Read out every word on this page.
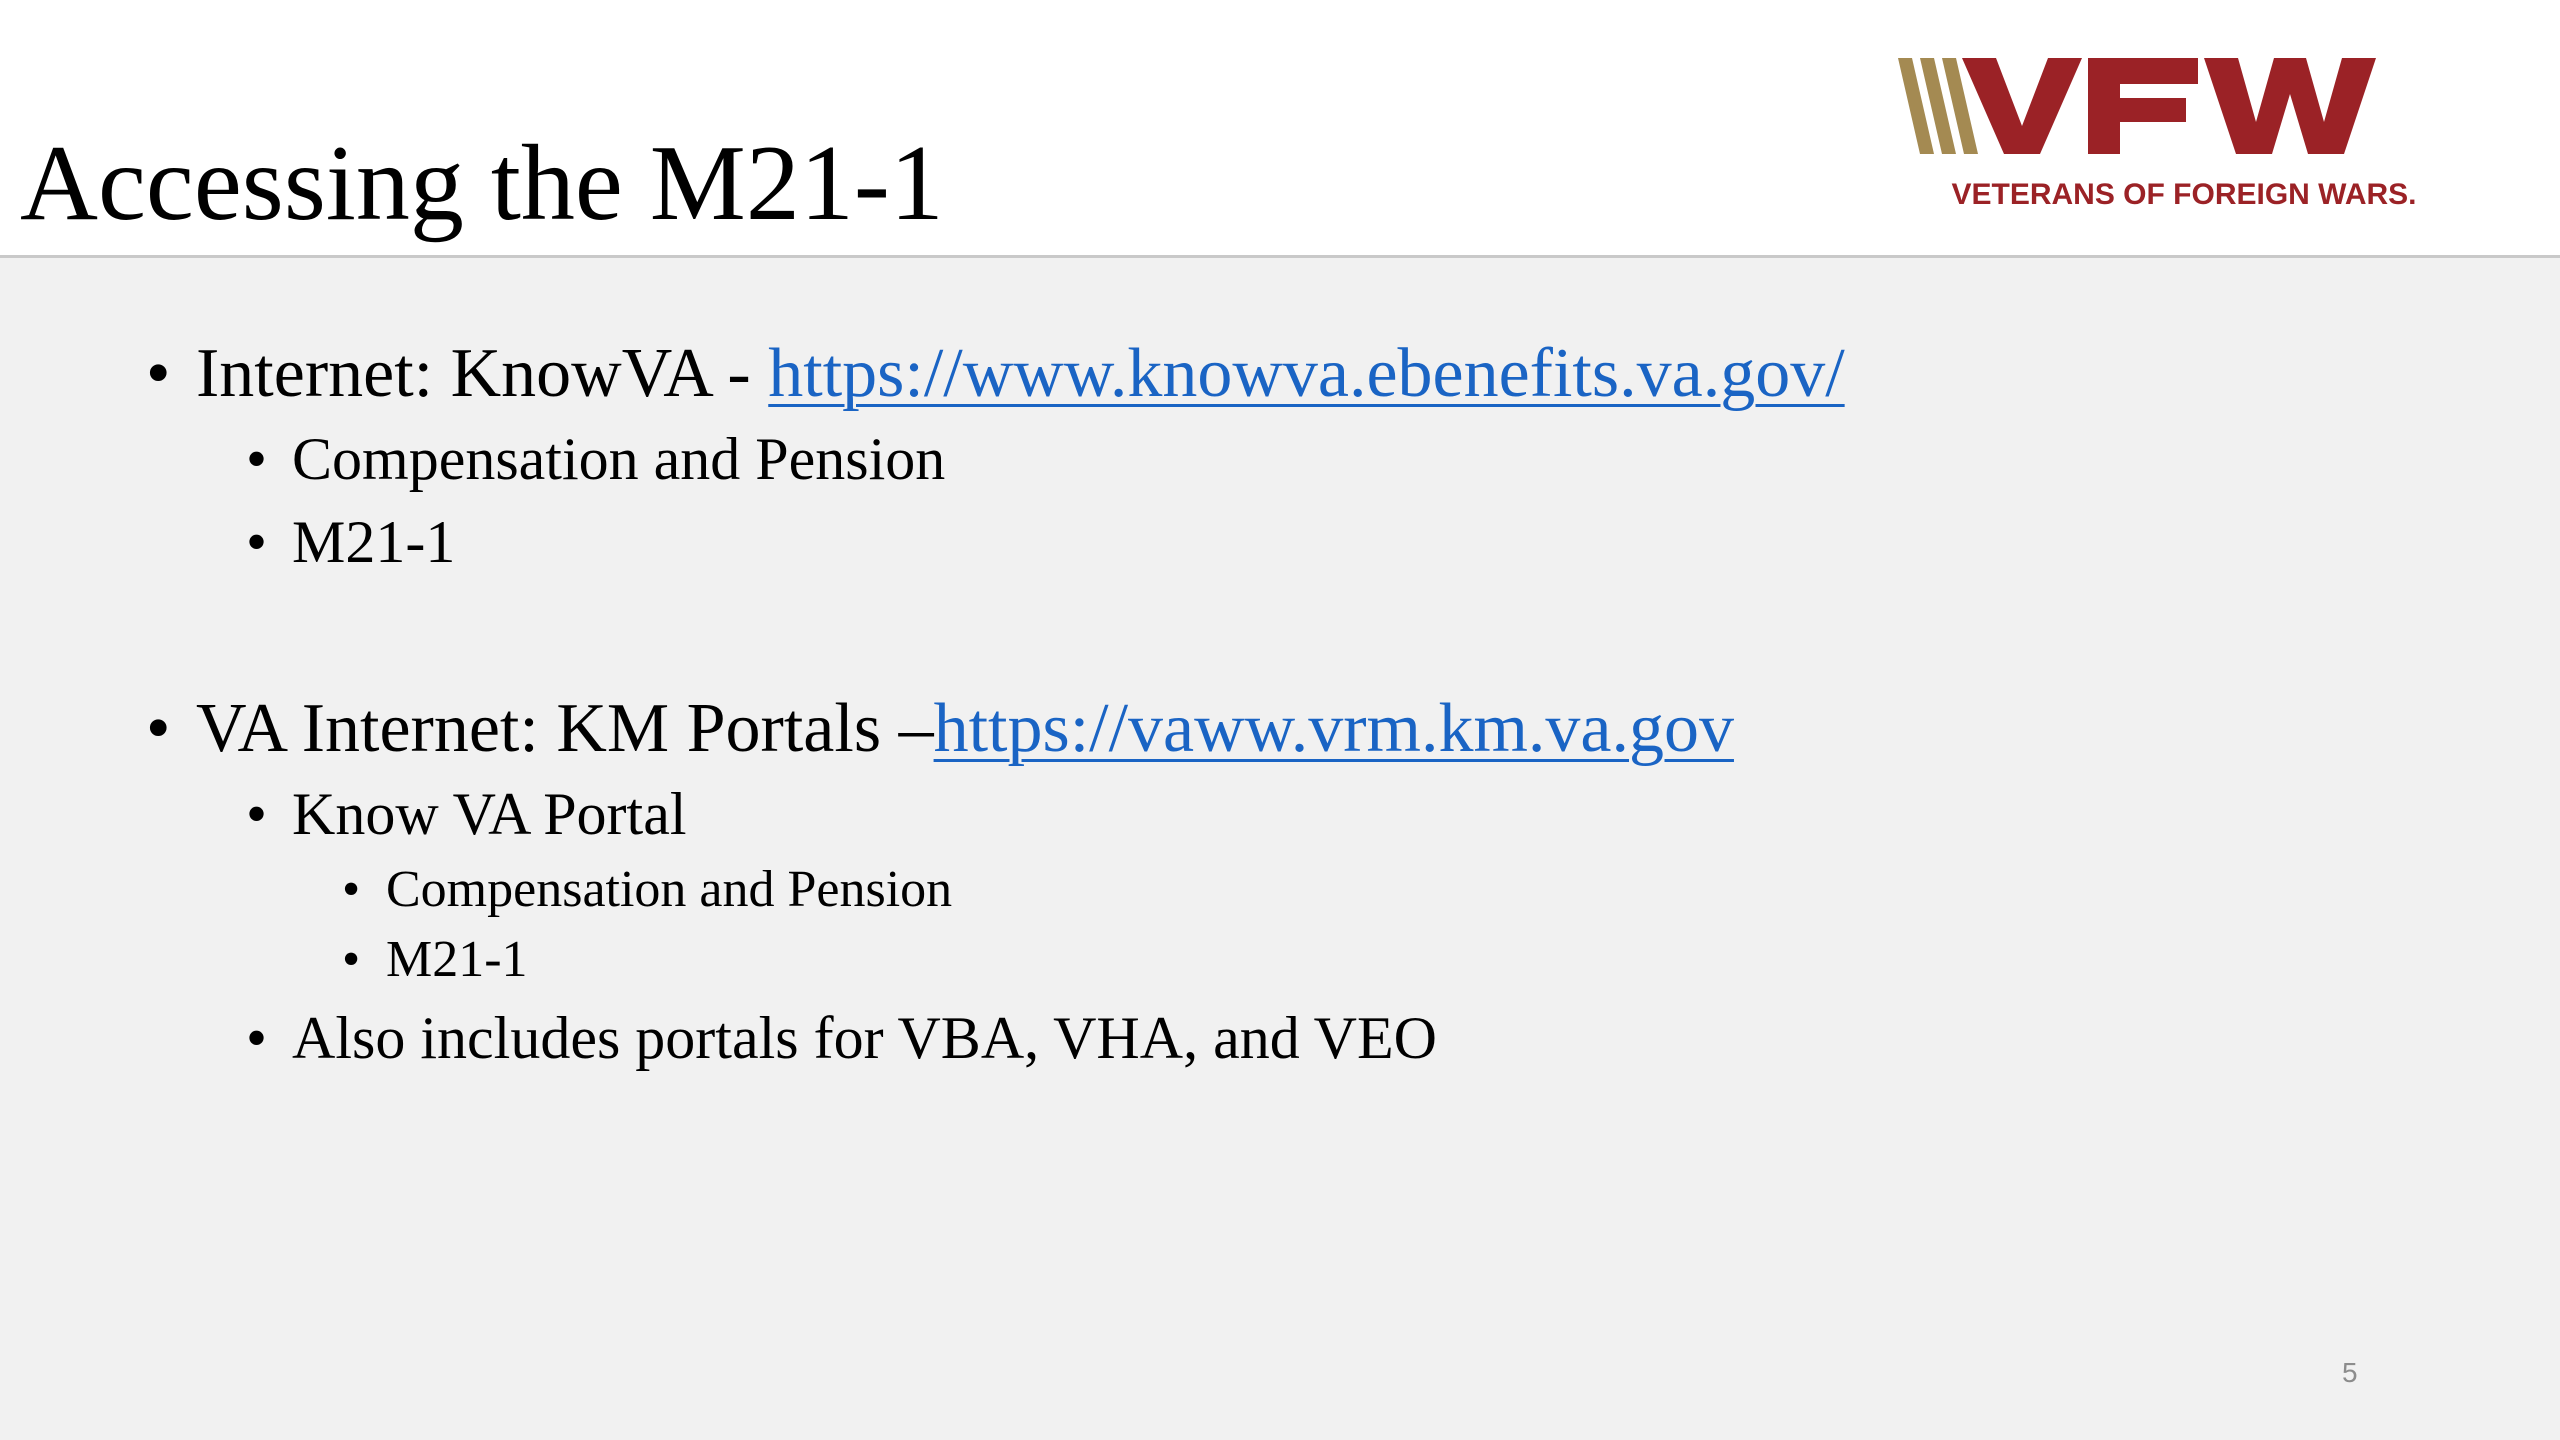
Accessing the M21-1	VETERANS OF FOREIGN WARS.
• Internet: KnowVA - https://www.knowva.ebenefits.va.gov/
• Compensation and Pension
• M21-1
• VA Internet: KM Portals –https://vaww.vrm.km.va.gov
• Know VA Portal
• Compensation and Pension
• M21-1
• Also includes portals for VBA, VHA, and VEO
5
